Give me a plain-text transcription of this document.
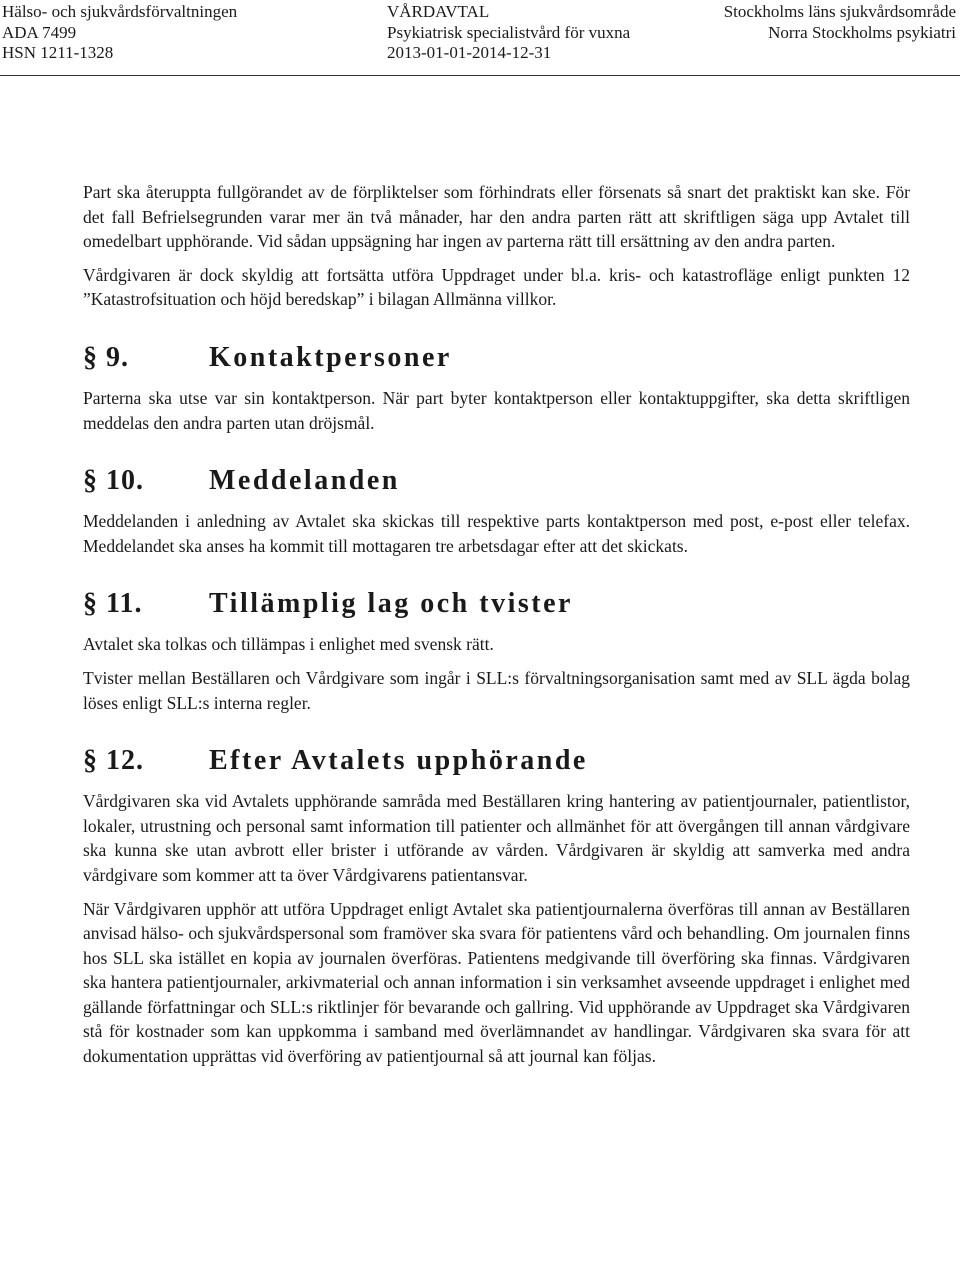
Hälso- och sjukvårdsförvaltningen
ADA 7499
HSN 1211-1328
VÅRDAVTAL
Psykiatrisk specialistvård för vuxna
2013-01-01-2014-12-31
Stockholms läns sjukvårdsområde
Norra Stockholms psykiatri

Part ska återuppta fullgörandet av de förpliktelser som förhindrats eller försenats så snart det praktiskt kan ske. För det fall Befrielsegrunden varar mer än två månader, har den andra parten rätt att skriftligen säga upp Avtalet till omedelbart upphörande. Vid sådan uppsägning har ingen av parterna rätt till ersättning av den andra parten.

Vårdgivaren är dock skyldig att fortsätta utföra Uppdraget under bl.a. kris- och katastrofläge enligt punkten 12 ”Katastrofsituation och höjd beredskap” i bilagan Allmänna villkor.

§ 9.	Kontaktpersoner

Parterna ska utse var sin kontaktperson. När part byter kontaktperson eller kontaktuppgifter, ska detta skriftligen meddelas den andra parten utan dröjsmål.

§ 10. Meddelanden

Meddelanden i anledning av Avtalet ska skickas till respektive parts kontaktperson med post, e-post eller telefax. Meddelandet ska anses ha kommit till mottagaren tre arbetsdagar efter att det skickats.

§ 11. Tillämplig lag och tvister

Avtalet ska tolkas och tillämpas i enlighet med svensk rätt.

Tvister mellan Beställaren och Vårdgivare som ingår i SLL:s förvaltningsorganisation samt med av SLL ägda bolag löses enligt SLL:s interna regler.

§ 12. Efter Avtalets upphörande

Vårdgivaren ska vid Avtalets upphörande samråda med Beställaren kring hantering av patientjournaler, patientlistor, lokaler, utrustning och personal samt information till patienter och allmänhet för att övergången till annan vårdgivare ska kunna ske utan avbrott eller brister i utförande av vården. Vårdgivaren är skyldig att samverka med andra vårdgivare som kommer att ta över Vårdgivarens patientansvar.

När Vårdgivaren upphör att utföra Uppdraget enligt Avtalet ska patientjournalerna överföras till annan av Beställaren anvisad hälso- och sjukvårdspersonal som framöver ska svara för patientens vård och behandling. Om journalen finns hos SLL ska istället en kopia av journalen överföras. Patientens medgivande till överföring ska finnas. Vårdgivaren ska hantera patientjournaler, arkivmaterial och annan information i sin verksamhet avseende uppdraget i enlighet med gällande författningar och SLL:s riktlinjer för bevarande och gallring. Vid upphörande av Uppdraget ska Vårdgivaren stå för kostnader som kan uppkomma i samband med överlämnandet av handlingar. Vårdgivaren ska svara för att dokumentation upprättas vid överföring av patientjournal så att journal kan följas.
